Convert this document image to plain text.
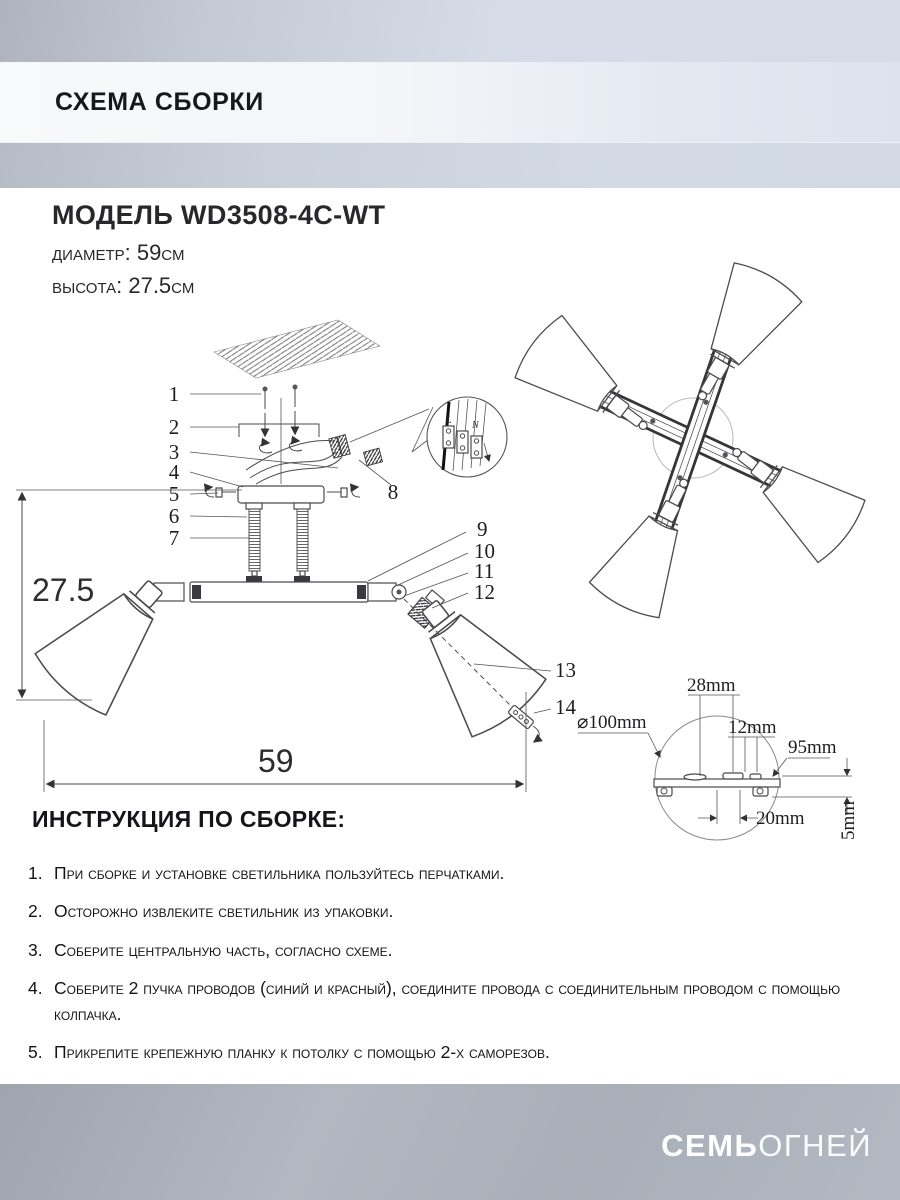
СХЕМА СБОРКИ

МОДЕЛЬ WD3508-4C-WT

диаметр: 59см

высота: 27.5см

L N
1
2
3
4
5
6
7
8
9
10
11
12
13
14
27.5
59
28mm
12mm
95mm
⌀100mm
20mm 5mm
ИНСТРУКЦИЯ ПО СБОРКЕ:
1. При сборке и установке светильника пользуйтесь перчатками.
2. Осторожно извлеките светильник из упаковки.
3. Соберите центральную часть, согласно схеме.
4. Соберите 2 пучка проводов (синий и красный), соедините провода с соединительным проводом с помощью колпачка.
5. Прикрепите крепежную планку к потолку с помощью 2-х саморезов.
СЕМЬОГНЕЙ
